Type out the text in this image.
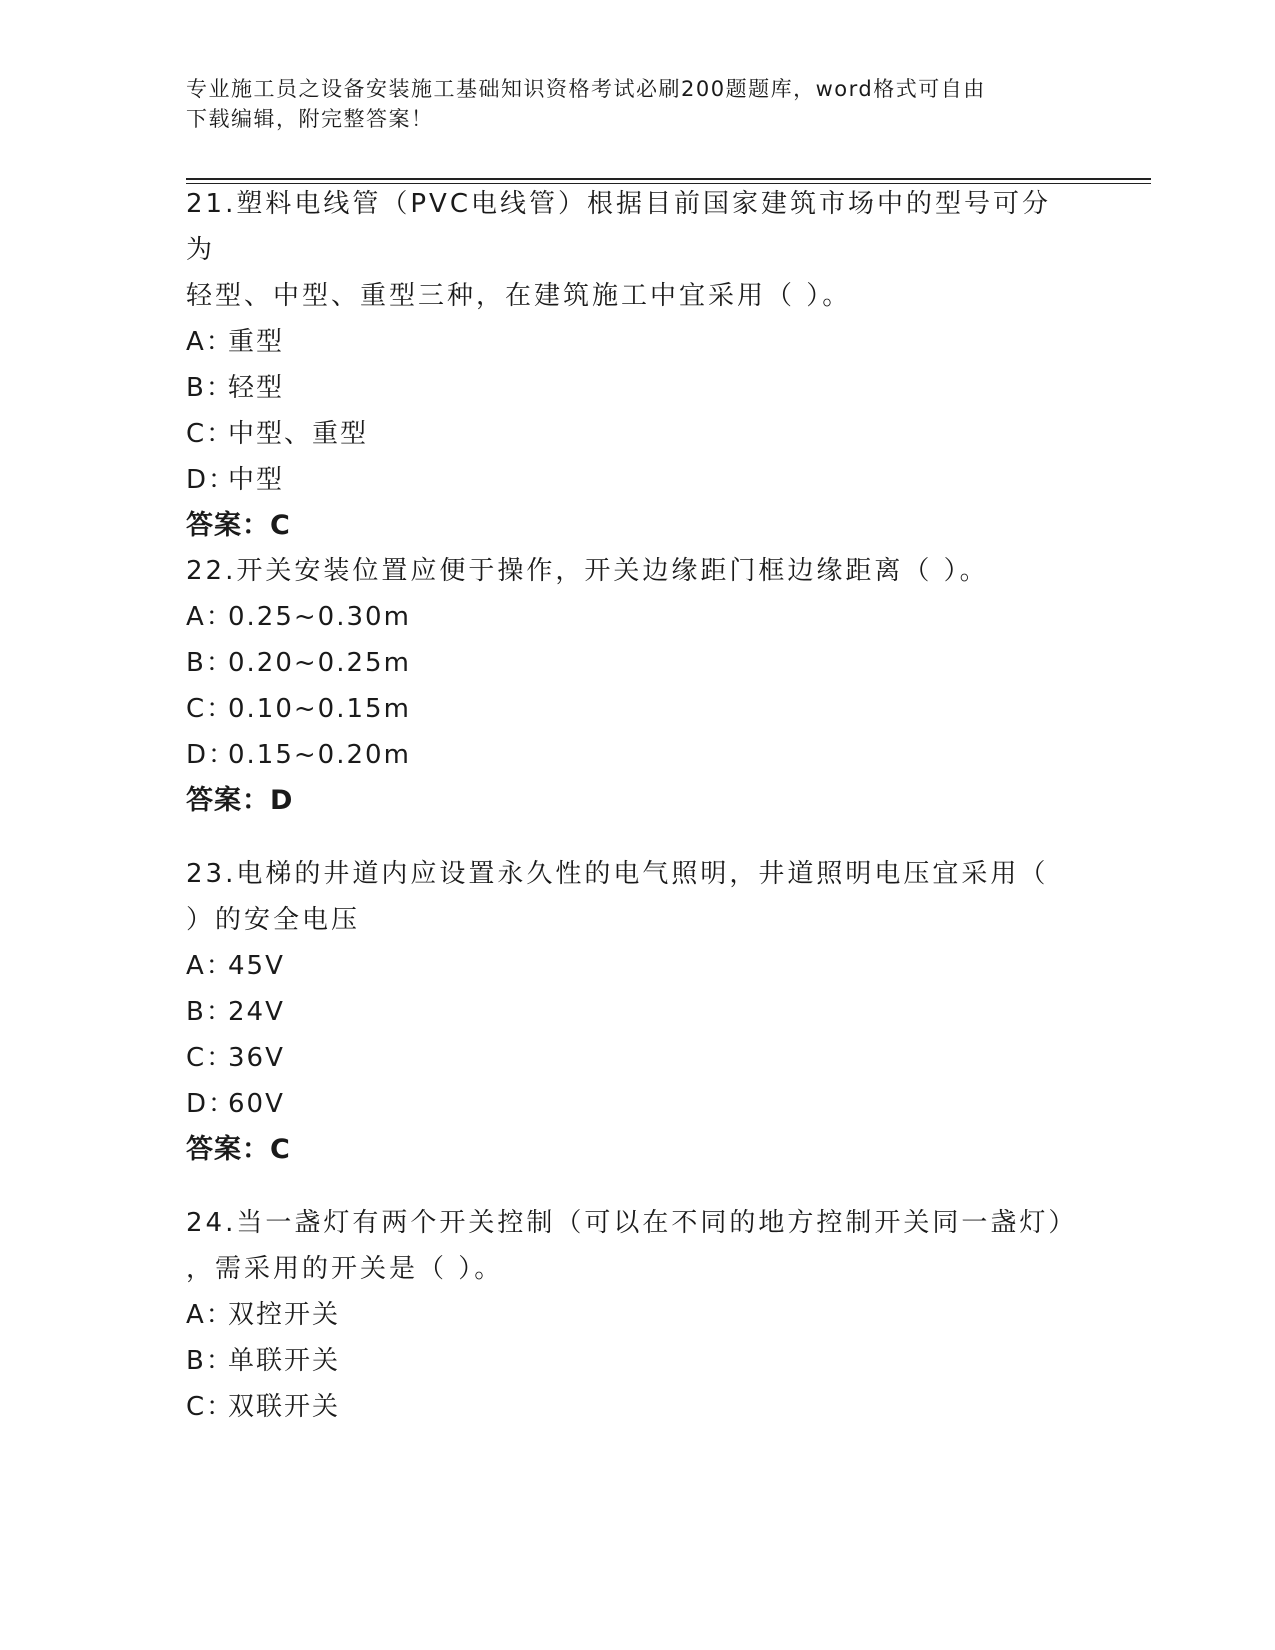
专业施工员之设备安装施工基础知识资格考试必刷200题题库，word格式可自由
下载编辑，附完整答案！
21.塑料电线管（PVC电线管）根据目前国家建筑市场中的型号可分为
轻型、中型、重型三种，在建筑施工中宜采用（ ）。
A：重型
B：轻型
C：中型、重型
D：中型
答案：C
22.开关安装位置应便于操作，开关边缘距门框边缘距离（ ）。
A：0.25~0.30m
B：0.20~0.25m
C：0.10~0.15m
D：0.15~0.20m
答案：D
23.电梯的井道内应设置永久性的电气照明，井道照明电压宜采用（
）的安全电压
A：45V
B：24V
C：36V
D：60V
答案：C
24.当一盏灯有两个开关控制（可以在不同的地方控制开关同一盏灯）
，需采用的开关是（ ）。
A：双控开关
B：单联开关
C：双联开关
